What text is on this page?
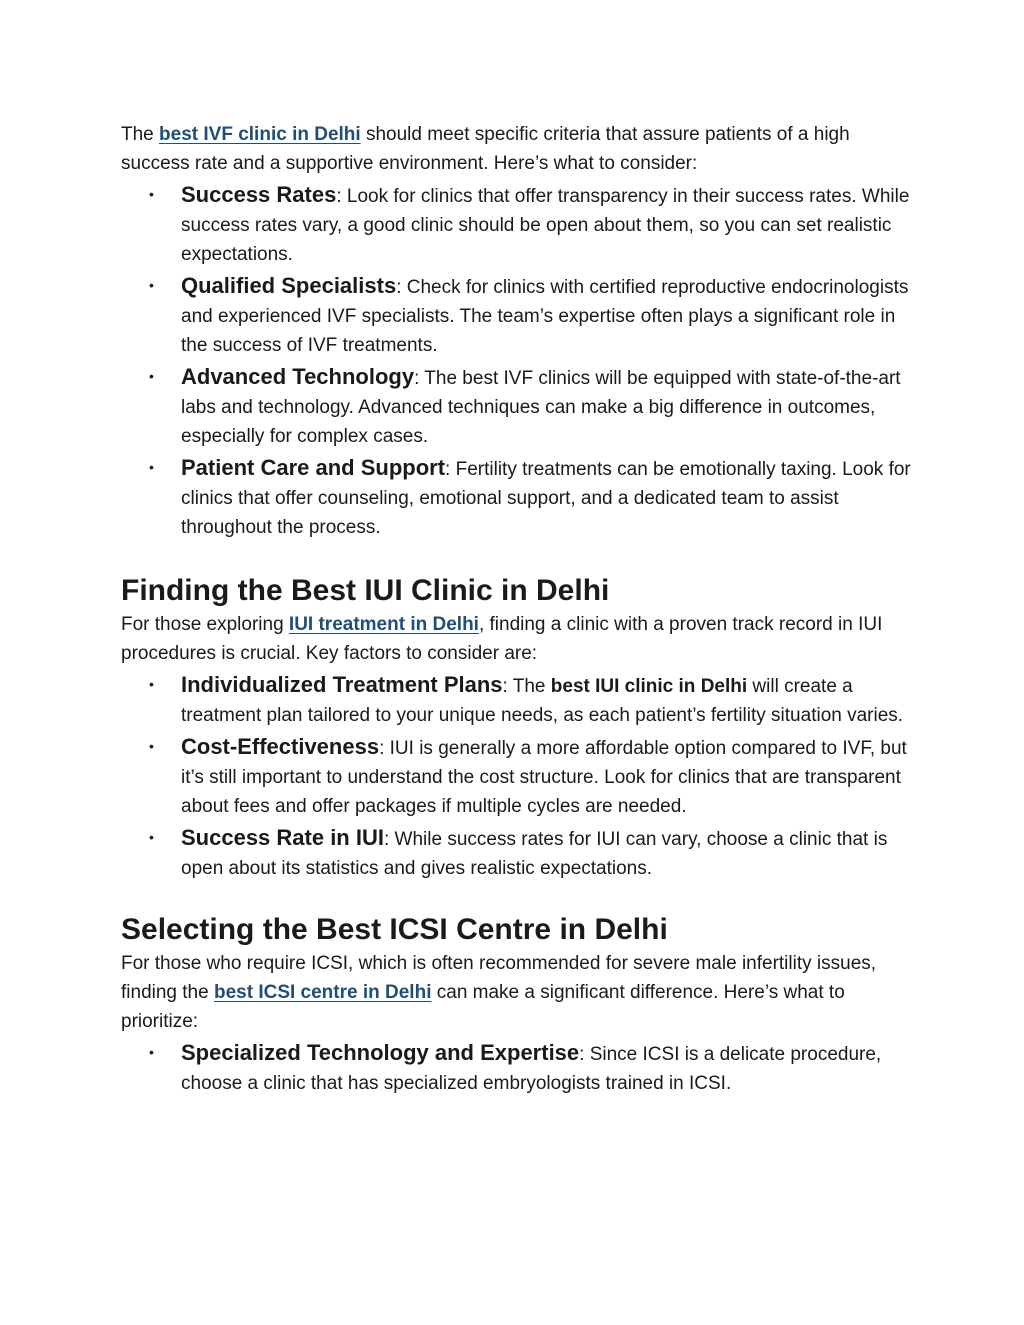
The best IVF clinic in Delhi should meet specific criteria that assure patients of a high success rate and a supportive environment. Here’s what to consider:

• Success Rates: Look for clinics that offer transparency in their success rates. While success rates vary, a good clinic should be open about them, so you can set realistic expectations.
• Qualified Specialists: Check for clinics with certified reproductive endocrinologists and experienced IVF specialists. The team’s expertise often plays a significant role in the success of IVF treatments.
• Advanced Technology: The best IVF clinics will be equipped with state-of-the-art labs and technology. Advanced techniques can make a big difference in outcomes, especially for complex cases.
• Patient Care and Support: Fertility treatments can be emotionally taxing. Look for clinics that offer counseling, emotional support, and a dedicated team to assist throughout the process.
Finding the Best IUI Clinic in Delhi

For those exploring IUI treatment in Delhi, finding a clinic with a proven track record in IUI procedures is crucial. Key factors to consider are:

• Individualized Treatment Plans: The best IUI clinic in Delhi will create a treatment plan tailored to your unique needs, as each patient’s fertility situation varies.
• Cost-Effectiveness: IUI is generally a more affordable option compared to IVF, but it’s still important to understand the cost structure. Look for clinics that are transparent about fees and offer packages if multiple cycles are needed.
• Success Rate in IUI: While success rates for IUI can vary, choose a clinic that is open about its statistics and gives realistic expectations.
Selecting the Best ICSI Centre in Delhi

For those who require ICSI, which is often recommended for severe male infertility issues, finding the best ICSI centre in Delhi can make a significant difference. Here’s what to prioritize:

• Specialized Technology and Expertise: Since ICSI is a delicate procedure, choose a clinic that has specialized embryologists trained in ICSI.
